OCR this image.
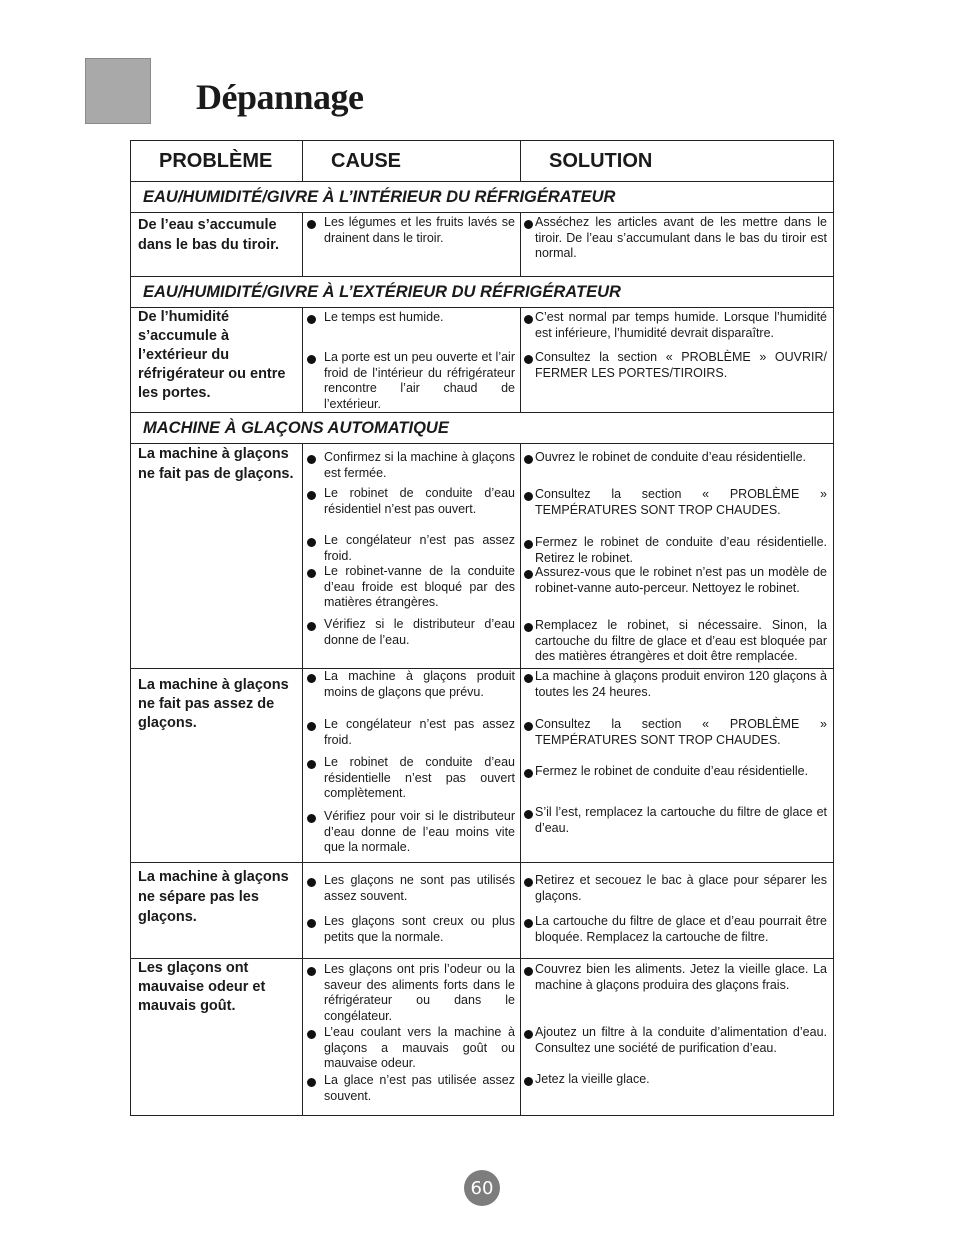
Dépannage
PROBLÈME	CAUSE	SOLUTION
EAU/HUMIDITÉ/GIVRE À L’INTÉRIEUR DU RÉFRIGÉRATEUR
De l’eau s’accumule dans le bas du tiroir.
Les légumes et les fruits lavés se drainent dans le tiroir.
Asséchez les articles avant de les mettre dans le tiroir. De l’eau s’accumulant dans le bas du tiroir est normal.
EAU/HUMIDITÉ/GIVRE À L’EXTÉRIEUR DU RÉFRIGÉRATEUR
De l’humidité s’accumule à l’extérieur du réfrigérateur ou entre les portes.
Le temps est humide.
La porte est un peu ouverte et l’air froid de l’intérieur du réfrigérateur rencontre l’air chaud de l’extérieur.
C’est normal par temps humide. Lorsque l’humidité est inférieure, l’humidité devrait disparaître.
Consultez la section « PROBLÈME » OUVRIR/ FERMER LES PORTES/TIROIRS.
MACHINE À GLAÇONS AUTOMATIQUE
La machine à glaçons ne fait pas de glaçons.
Confirmez si la machine à glaçons est fermée.
Le robinet de conduite d’eau résidentiel n’est pas ouvert.
Le congélateur n’est pas assez froid.
Le robinet-vanne de la conduite d’eau froide est bloqué par des matières étrangères.
Vérifiez si le distributeur d’eau donne de l’eau.
Ouvrez le robinet de conduite d’eau résidentielle.
Consultez la section « PROBLÈME » TEMPÉRATURES SONT TROP CHAUDES.
Fermez le robinet de conduite d’eau résidentielle. Retirez le robinet.
Assurez-vous que le robinet n’est pas un modèle de robinet-vanne auto-perceur. Nettoyez le robinet.
Remplacez le robinet, si nécessaire. Sinon, la cartouche du filtre de glace et d’eau est bloquée par des matières étrangères et doit être remplacée.
La machine à glaçons ne fait pas assez de glaçons.
La machine à glaçons produit moins de glaçons que prévu.
Le congélateur n’est pas assez froid.
Le robinet de conduite d’eau résidentielle n’est pas ouvert complètement.
Vérifiez pour voir si le distributeur d’eau donne de l’eau moins vite que la normale.
La machine à glaçons produit environ 120 glaçons à toutes les 24 heures.
Consultez la section « PROBLÈME » TEMPÉRATURES SONT TROP CHAUDES.
Fermez le robinet de conduite d’eau résidentielle.
S’il l’est, remplacez la cartouche du filtre de glace et d’eau.
La machine à glaçons ne sépare pas les glaçons.
Les glaçons ne sont pas utilisés assez souvent.
Les glaçons sont creux ou plus petits que la normale.
Retirez et secouez le bac à glace pour séparer les glaçons.
La cartouche du filtre de glace et d’eau pourrait être bloquée. Remplacez la cartouche de filtre.
Les glaçons ont mauvaise odeur et mauvais goût.
Les glaçons ont pris l’odeur ou la saveur des aliments forts dans le réfrigérateur ou dans le congélateur.
L’eau coulant vers la machine à glaçons a mauvais goût ou mauvaise odeur.
La glace n’est pas utilisée assez souvent.
Couvrez bien les aliments. Jetez la vieille glace. La machine à glaçons produira des glaçons frais.
Ajoutez un filtre à la conduite d’alimentation d’eau. Consultez une société de purification d’eau.
Jetez la vieille glace.
60
